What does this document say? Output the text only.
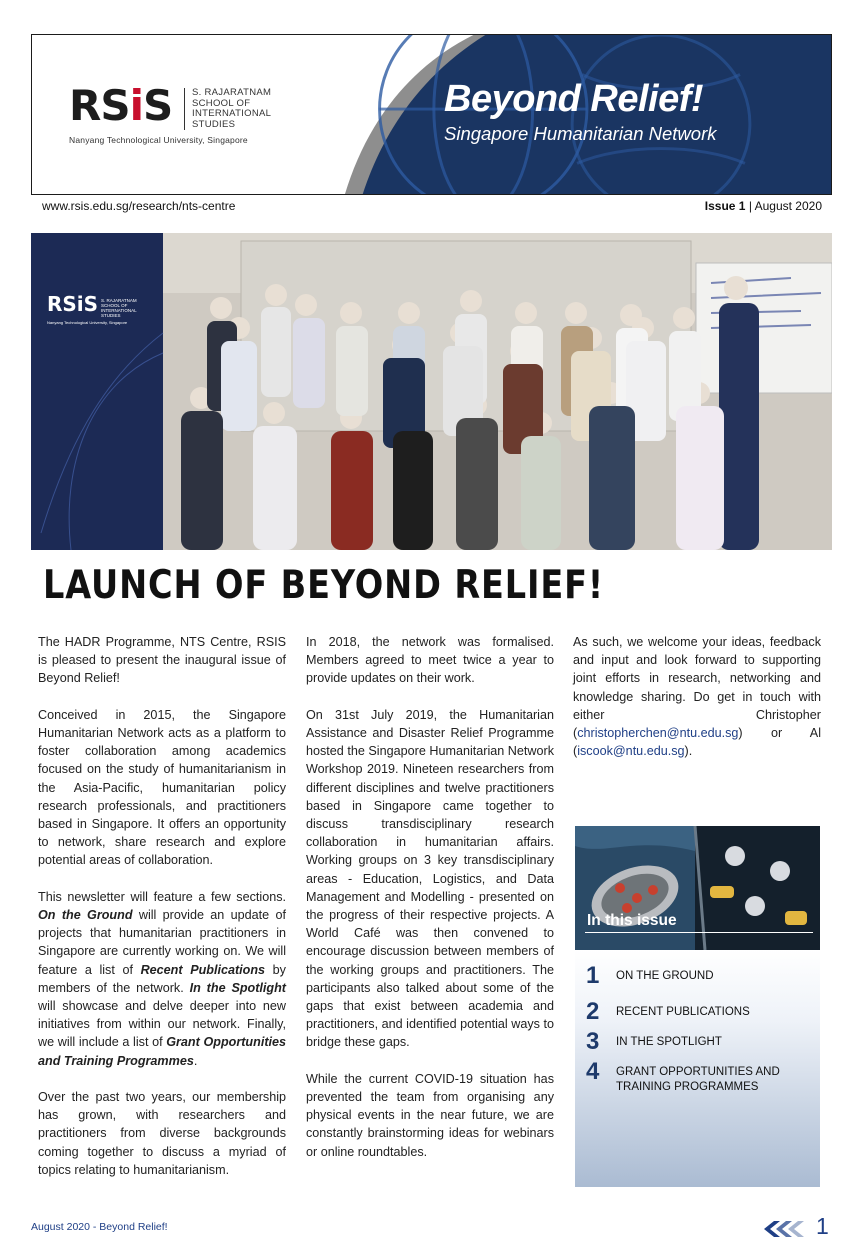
RSiS S. RAJARATNAM
SCHOOL OF
INTERNATIONAL
STUDIES
Nanyang Technological University, Singapore
Beyond Relief!
Singapore Humanitarian Network
www.rsis.edu.sg/research/nts-centre	Issue 1 | August 2020
RSiS S. RAJARATNAM
SCHOOL OF
INTERNATIONAL
STUDIES
Nanyang Technological University, Singapore
LAUNCH OF BEYOND RELIEF!

The HADR Programme, NTS Centre, RSIS is pleased to present the inaugural issue of Beyond Relief!

Conceived in 2015, the Singapore Humanitarian Network acts as a platform to foster collaboration among academics focused on the study of humanitarianism in the Asia-Pacific, humanitarian policy research professionals, and practitioners based in Singapore. It offers an opportunity to network, share research and explore potential areas of collaboration.

This newsletter will feature a few sections. On the Ground will provide an update of projects that humanitarian practitioners in Singapore are currently working on. We will feature a list of Recent Publications by members of the network. In the Spotlight will showcase and delve deeper into new initiatives from within our network. Finally, we will include a list of Grant Opportunities and Training Programmes.

Over the past two years, our membership has grown, with researchers and practitioners from diverse backgrounds coming together to discuss a myriad of topics relating to humanitarianism.

In 2018, the network was formalised. Members agreed to meet twice a year to provide updates on their work.

On 31st July 2019, the Humanitarian Assistance and Disaster Relief Programme hosted the Singapore Humanitarian Network Workshop 2019. Nineteen researchers from different disciplines and twelve practitioners based in Singapore came together to discuss transdisciplinary research collaboration in humanitarian affairs. Working groups on 3 key transdisciplinary areas - Education, Logistics, and Data Management and Modelling - presented on the progress of their respective projects. A World Café was then convened to encourage discussion between members of the working groups and practitioners. The participants also talked about some of the gaps that exist between academia and practitioners, and identified potential ways to bridge these gaps.

While the current COVID-19 situation has prevented the team from organising any physical events in the near future, we are constantly brainstorming ideas for webinars or online roundtables.

As such, we welcome your ideas, feedback and input and look forward to supporting joint efforts in research, networking and knowledge sharing. Do get in touch with either Christopher (christopherchen@ntu.edu.sg) or Al (iscook@ntu.edu.sg).

In this issue
1	ON THE GROUND
2	RECENT PUBLICATIONS
3	IN THE SPOTLIGHT
4	GRANT OPPORTUNITIES AND TRAINING PROGRAMMES
August 2020 - Beyond Relief!	1
